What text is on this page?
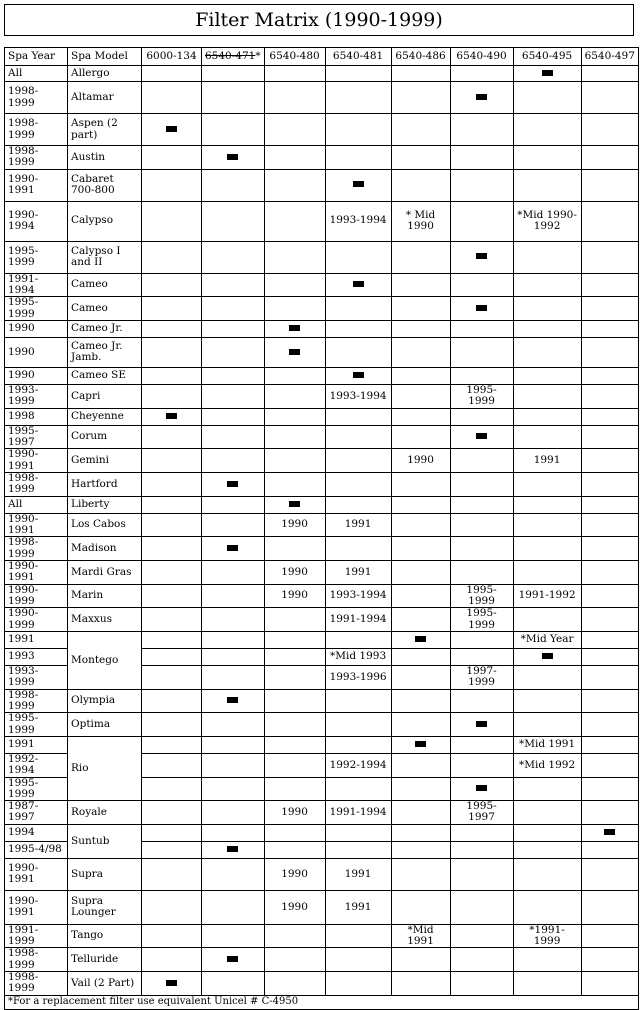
Filter Matrix (1990-1999)
Spa Year	Spa Model	6000-134	6540-471*	6540-480	6540-481	6540-486	6540-490	6540-495	6540-497
All	Allergo								
1998-1999	Altamar								
1998-1999	Aspen (2 part)								
1998-1999	Austin								
1990-1991	Cabaret 700-800								
1990-1994	Calypso				1993-1994	* Mid 1990		*Mid 1990-1992	
1995-1999	Calypso I and II								
1991-1994	Cameo								
1995-1999	Cameo								
1990	Cameo Jr.								
1990	Cameo Jr. Jamb.								
1990	Cameo SE								
1993-1999	Capri				1993-1994		1995-1999		
1998	Cheyenne								
1995-1997	Corum								
1990-1991	Gemini					1990		1991	
1998-1999	Hartford								
All	Liberty								
1990-1991	Los Cabos			1990	1991				
1998-1999	Madison								
1990-1991	Mardi Gras			1990	1991				
1990-1999	Marin			1990	1993-1994		1995-1999	1991-1992	
1990-1999	Maxxus				1991-1994		1995-1999		
1991	Montego							*Mid Year	
1993					*Mid 1993				
1993-1999					1993-1996		1997-1999		
1998-1999	Olympia								
1995-1999	Optima								
1991	Rio							*Mid 1991	
1992-1994					1992-1994			*Mid 1992	
1995-1999									
1987-1997	Royale			1990	1991-1994		1995-1997		
1994	Suntub								
1995-4/98									
1990-1991	Supra			1990	1991				
1990-1991	Supra Lounger			1990	1991				
1991-1999	Tango					*Mid 1991		*1991-1999	
1998-1999	Telluride								
1998-1999	Vail (2 Part)								
*For a replacement filter use equivalent Unicel # C-4950									
